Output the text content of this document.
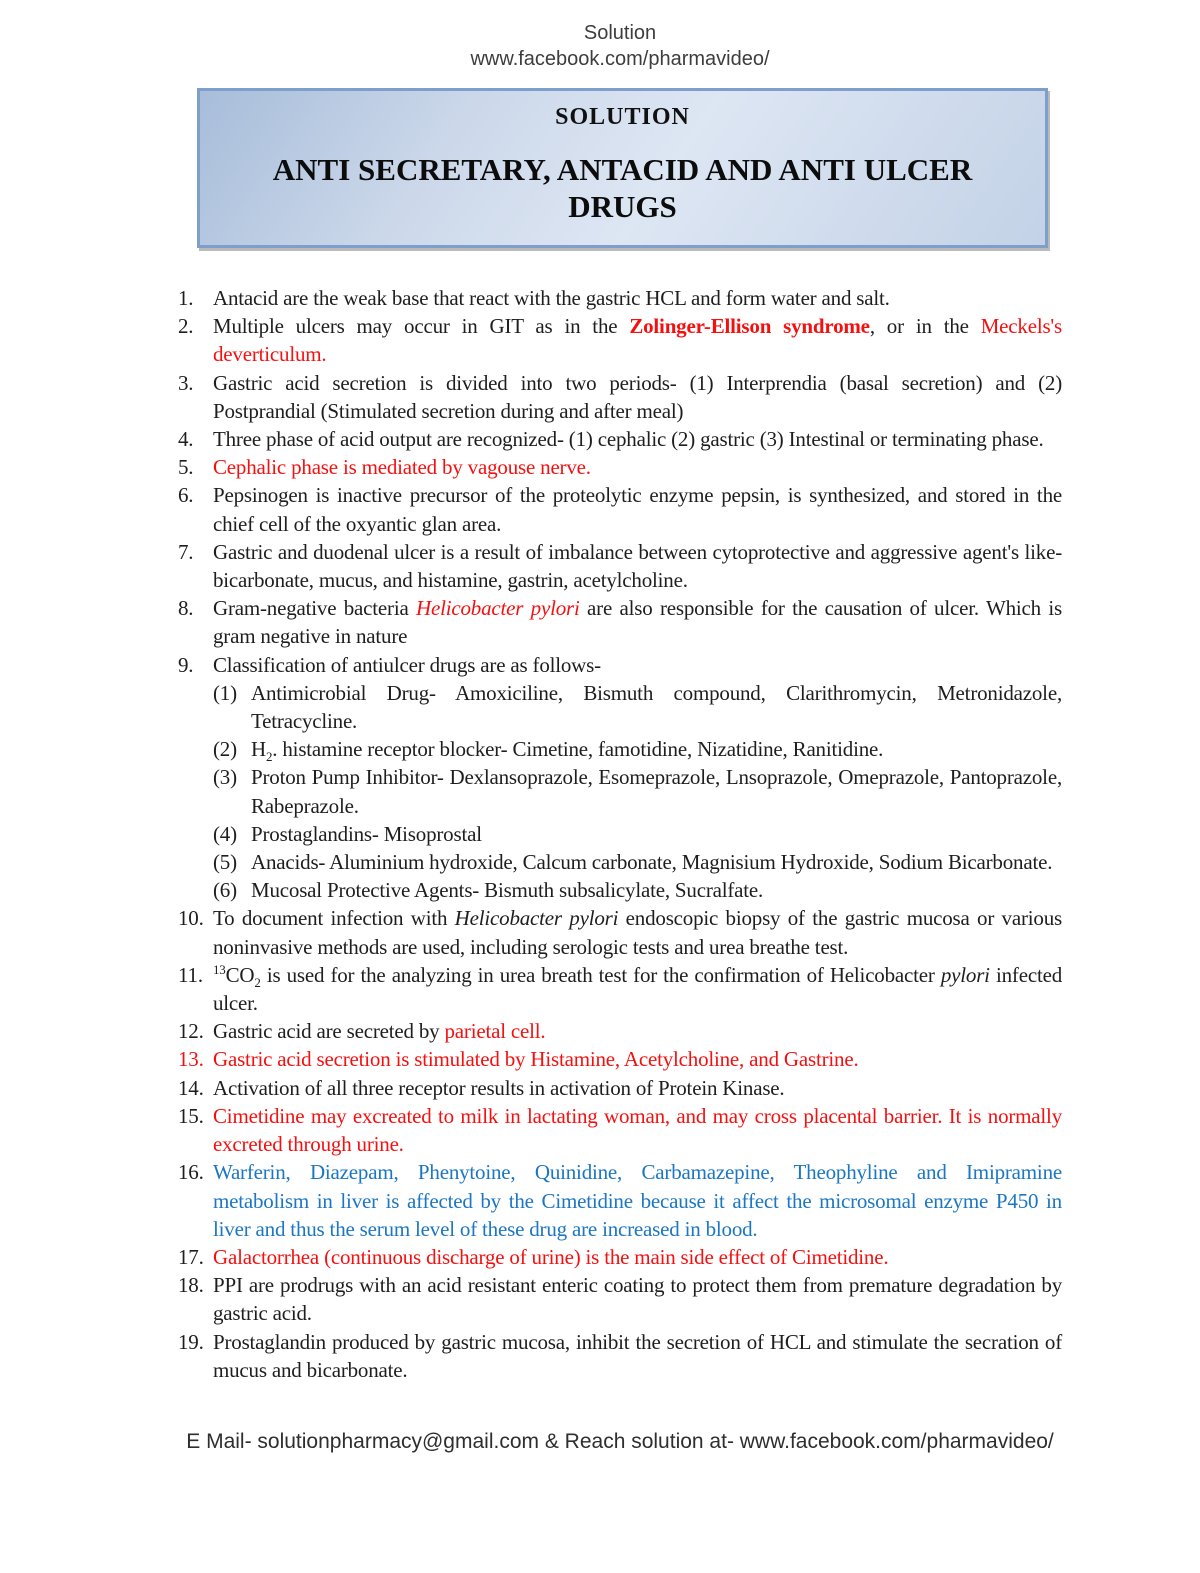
Solution
www.facebook.com/pharmavideo/
SOLUTION
ANTI SECRETARY, ANTACID AND ANTI ULCER
DRUGS
1. Antacid are the weak base that react with the gastric HCL and form water and salt.
2. Multiple ulcers may occur in GIT as in the Zolinger-Ellison syndrome, or in the Meckels's deverticulum.
3. Gastric acid secretion is divided into two periods- (1) Interprendia (basal secretion) and (2) Postprandial (Stimulated secretion during and after meal)
4. Three phase of acid output are recognized- (1) cephalic (2) gastric (3) Intestinal or terminating phase.
5. Cephalic phase is mediated by vagouse nerve.
6. Pepsinogen is inactive precursor of the proteolytic enzyme pepsin, is synthesized, and stored in the chief cell of the oxyantic glan area.
7. Gastric and duodenal ulcer is a result of imbalance between cytoprotective and aggressive agent's like- bicarbonate, mucus, and histamine, gastrin, acetylcholine.
8. Gram-negative bacteria Helicobacter pylori are also responsible for the causation of ulcer. Which is gram negative in nature
9. Classification of antiulcer drugs are as follows-
(1) Antimicrobial Drug- Amoxiciline, Bismuth compound, Clarithromycin, Metronidazole, Tetracycline.
(2) $H_2$. histamine receptor blocker- Cimetine, famotidine, Nizatidine, Ranitidine.
(3) Proton Pump Inhibitor- Dexlansoprazole, Esomeprazole, Lnsoprazole, Omeprazole, Pantoprazole, Rabeprazole.
(4) Prostaglandins- Misoprostal
(5) Anacids- Aluminium hydroxide, Calcum carbonate, Magnisium Hydroxide, Sodium Bicarbonate.
(6) Mucosal Protective Agents- Bismuth subsalicylate, Sucralfate.
10. To document infection with Helicobacter pylori endoscopic biopsy of the gastric mucosa or various noninvasive methods are used, including serologic tests and urea breathe test.
11. $^{13}CO_2$ is used for the analyzing in urea breath test for the confirmation of Helicobacter pylori infected ulcer.
12. Gastric acid are secreted by parietal cell.
13. Gastric acid secretion is stimulated by Histamine, Acetylcholine, and Gastrine.
14. Activation of all three receptor results in activation of Protein Kinase.
15. Cimetidine may excreated to milk in lactating woman, and may cross placental barrier. It is normally excreted through urine.
16. Warferin, Diazepam, Phenytoine, Quinidine, Carbamazepine, Theophyline and Imipramine metabolism in liver is affected by the Cimetidine because it affect the microsomal enzyme P450 in liver and thus the serum level of these drug are increased in blood.
17. Galactorrhea (continuous discharge of urine) is the main side effect of Cimetidine.
18. PPI are prodrugs with an acid resistant enteric coating to protect them from premature degradation by gastric acid.
19. Prostaglandin produced by gastric mucosa, inhibit the secretion of HCL and stimulate the secration of mucus and bicarbonate.
E Mail- solutionpharmacy@gmail.com & Reach solution at- www.facebook.com/pharmavideo/
